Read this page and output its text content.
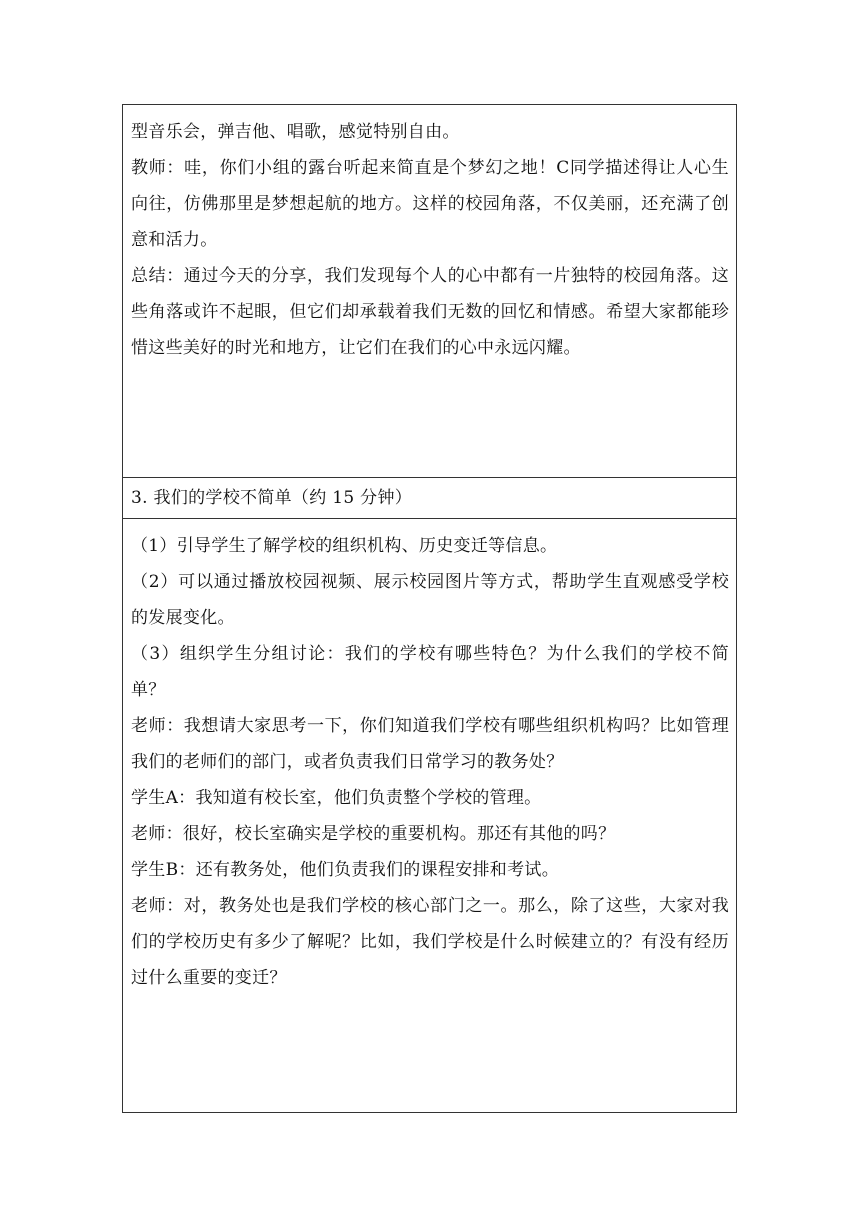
型音乐会，弹吉他、唱歌，感觉特别自由。

教师：哇，你们小组的露台听起来简直是个梦幻之地！C同学描述得让人心生向往，仿佛那里是梦想起航的地方。这样的校园角落，不仅美丽，还充满了创意和活力。

总结：通过今天的分享，我们发现每个人的心中都有一片独特的校园角落。这些角落或许不起眼，但它们却承载着我们无数的回忆和情感。希望大家都能珍惜这些美好的时光和地方，让它们在我们的心中永远闪耀。

3. 我们的学校不简单（约 15 分钟）

（1）引导学生了解学校的组织机构、历史变迁等信息。

（2）可以通过播放校园视频、展示校园图片等方式，帮助学生直观感受学校的发展变化。

（3）组织学生分组讨论：我们的学校有哪些特色？为什么我们的学校不简单？

老师：我想请大家思考一下，你们知道我们学校有哪些组织机构吗？比如管理我们的老师们的部门，或者负责我们日常学习的教务处？

学生A：我知道有校长室，他们负责整个学校的管理。

老师：很好，校长室确实是学校的重要机构。那还有其他的吗？

学生B：还有教务处，他们负责我们的课程安排和考试。

老师：对，教务处也是我们学校的核心部门之一。那么，除了这些，大家对我们的学校历史有多少了解呢？比如，我们学校是什么时候建立的？有没有经历过什么重要的变迁？
